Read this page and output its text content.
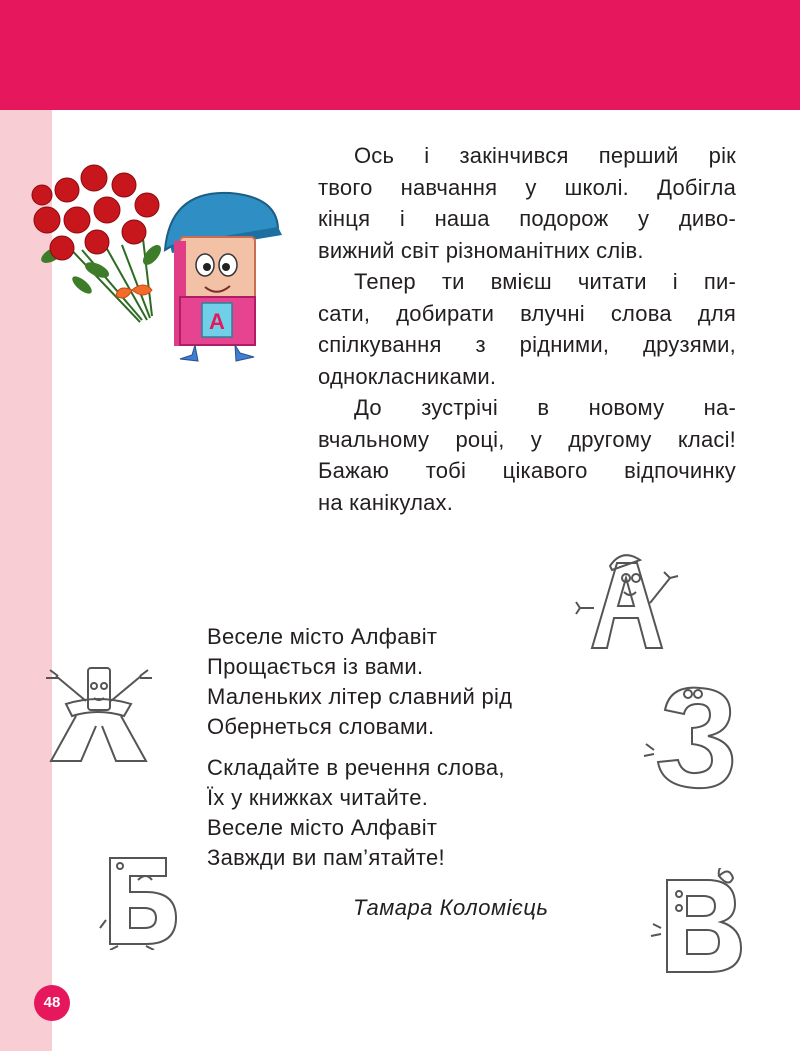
А

Ось і закінчився перший рік
твого навчання у школі. Добігла
кінця і наша подорож у диво-
вижний світ різноманітних слів.

Тепер ти вмієш читати і пи-
сати, добирати влучні слова для
спілкування з рідними, друзями,
однокласниками.

До зустрічі в новому на-
вчальному році, у другому класі!
Бажаю тобі цікавого відпочинку
на канікулах.

Веселе місто Алфавіт
Прощається із вами.
Маленьких літер славний рід
Обернеться словами.
Складайте в речення слова,
Їх у книжках читайте.
Веселе місто Алфавіт
Завжди ви пам’ятайте!
Тамара Коломієць
48
